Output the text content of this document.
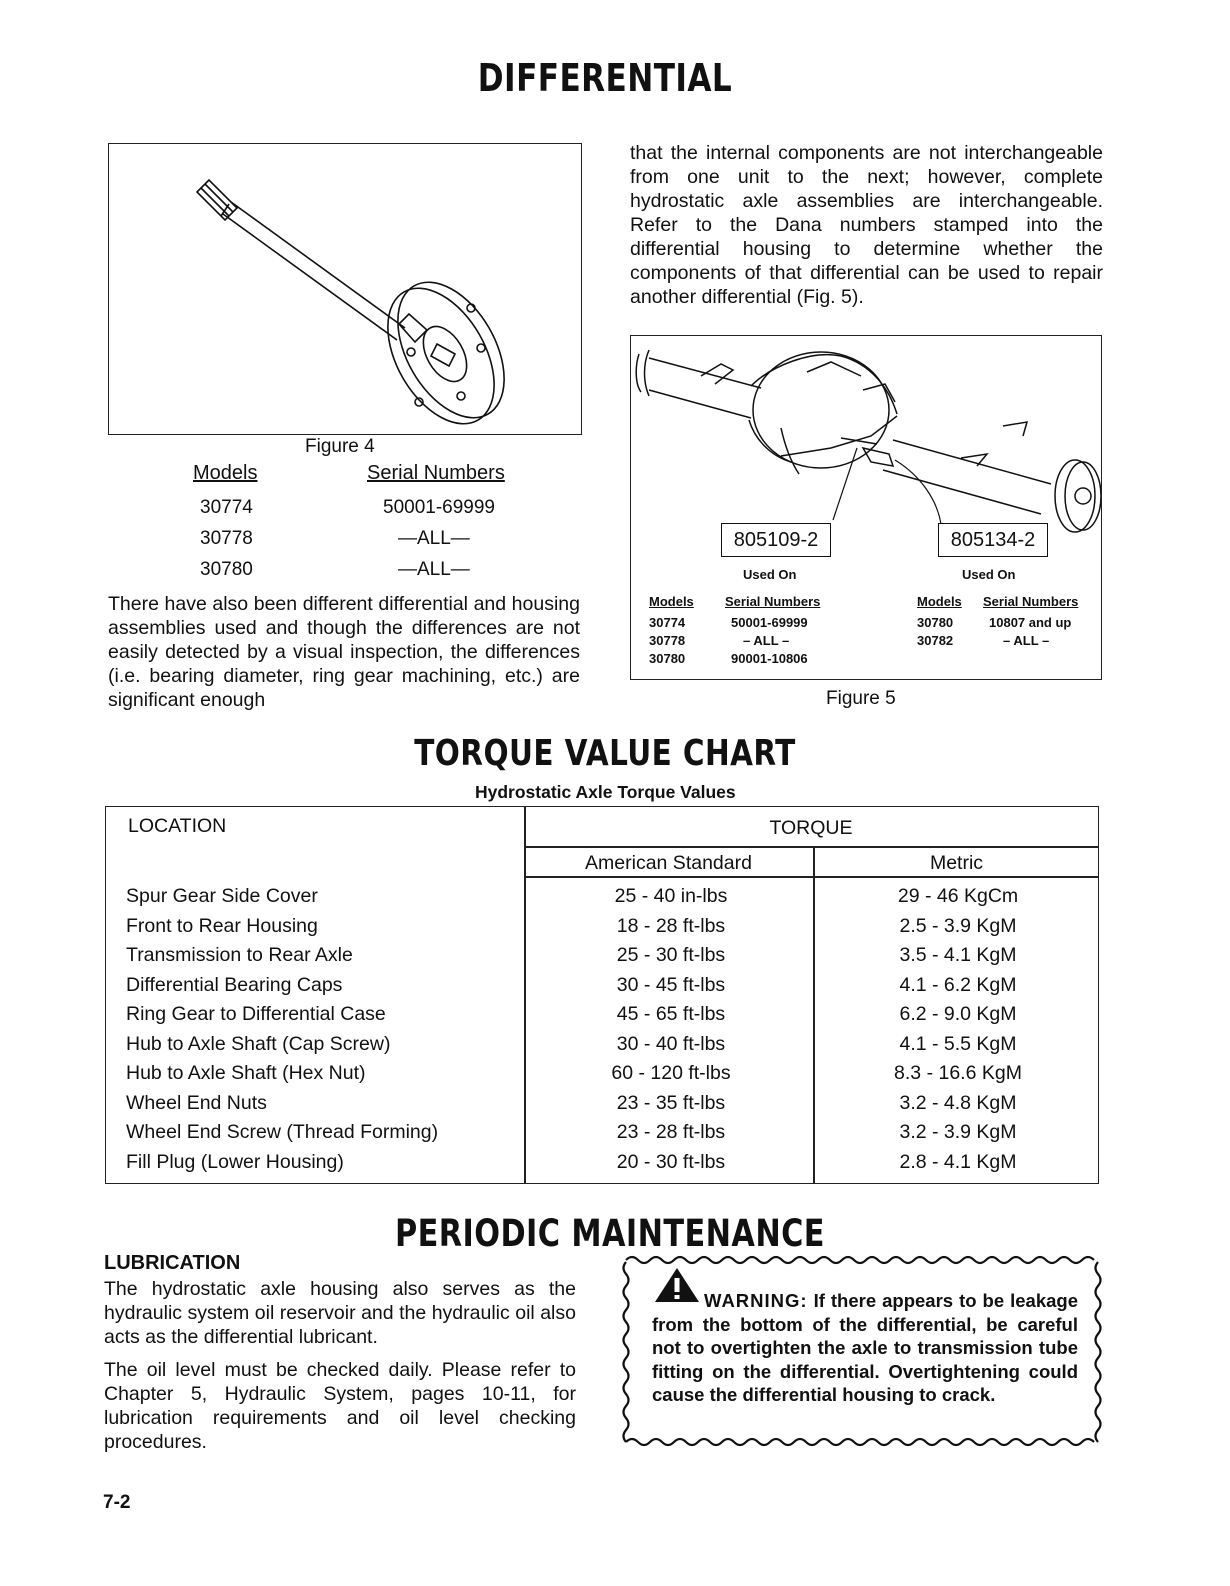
DIFFERENTIAL
Figure 4
Models	Serial Numbers
30774	50001-69999
30778	—ALL—
30780	—ALL—
There have also been different differential and housing assemblies used and though the differences are not easily detected by a visual inspection, the differences (i.e. bearing diameter, ring gear machining, etc.) are significant enough
that the internal components are not interchangeable from one unit to the next; however, complete hydrostatic axle assemblies are interchangeable. Refer to the Dana numbers stamped into the differential housing to determine whether the components of that differential can be used to repair another differential (Fig. 5).
805109-2	805134-2
Used On	Used On
Models Serial Numbers
30774	50001-69999
30778	– ALL –
30780	90001-10806
Models Serial Numbers
30780	10807 and up
30782	– ALL –
Figure 5
TORQUE VALUE CHART
Hydrostatic Axle Torque Values
LOCATION	TORQUE
American Standard	Metric
Spur Gear Side Cover	25 - 40 in-lbs	29 - 46 KgCm
Front to Rear Housing	18 - 28 ft-lbs	2.5 - 3.9 KgM
Transmission to Rear Axle	25 - 30 ft-lbs	3.5 - 4.1 KgM
Differential Bearing Caps	30 - 45 ft-lbs	4.1 - 6.2 KgM
Ring Gear to Differential Case	45 - 65 ft-lbs	6.2 - 9.0 KgM
Hub to Axle Shaft (Cap Screw)	30 - 40 ft-lbs	4.1 - 5.5 KgM
Hub to Axle Shaft (Hex Nut)	60 - 120 ft-lbs	8.3 - 16.6 KgM
Wheel End Nuts	23 - 35 ft-lbs	3.2 - 4.8 KgM
Wheel End Screw (Thread Forming)	23 - 28 ft-lbs	3.2 - 3.9 KgM
Fill Plug (Lower Housing)	20 - 30 ft-lbs	2.8 - 4.1 KgM
PERIODIC MAINTENANCE
LUBRICATION
The hydrostatic axle housing also serves as the hydraulic system oil reservoir and the hydraulic oil also acts as the differential lubricant.
The oil level must be checked daily. Please refer to Chapter 5, Hydraulic System, pages 10-11, for lubrication requirements and oil level checking procedures.
WARNING: If there appears to be leakage from the bottom of the differential, be careful not to overtighten the axle to transmission tube fitting on the differential. Overtightening could cause the differential housing to crack.
7-2
